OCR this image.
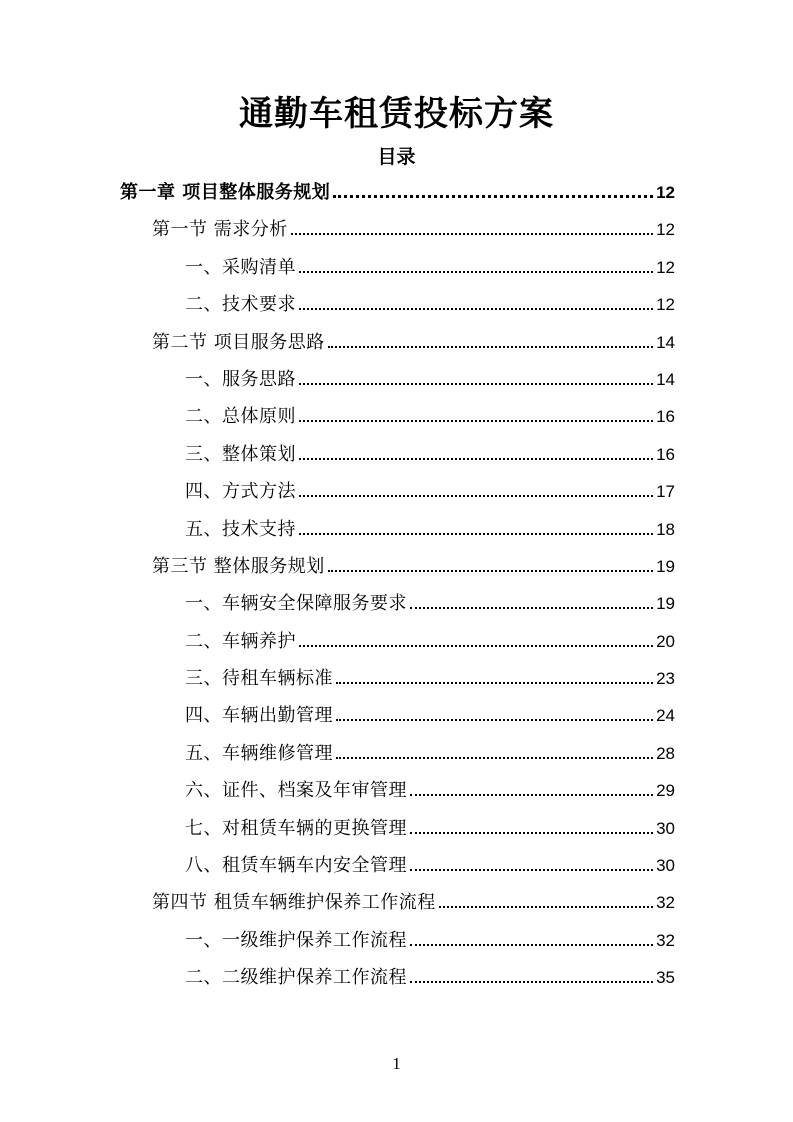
通勤车租赁投标方案
目录
第一章 项目整体服务规划	12
第一节 需求分析	12
一、采购清单	12
二、技术要求	12
第二节 项目服务思路	14
一、服务思路	14
二、总体原则	16
三、整体策划	16
四、方式方法	17
五、技术支持	18
第三节 整体服务规划	19
一、车辆安全保障服务要求	19
二、车辆养护	20
三、待租车辆标准	23
四、车辆出勤管理	24
五、车辆维修管理	28
六、证件、档案及年审管理	29
七、对租赁车辆的更换管理	30
八、租赁车辆车内安全管理	30
第四节 租赁车辆维护保养工作流程	32
一、一级维护保养工作流程	32
二、二级维护保养工作流程	35
1
